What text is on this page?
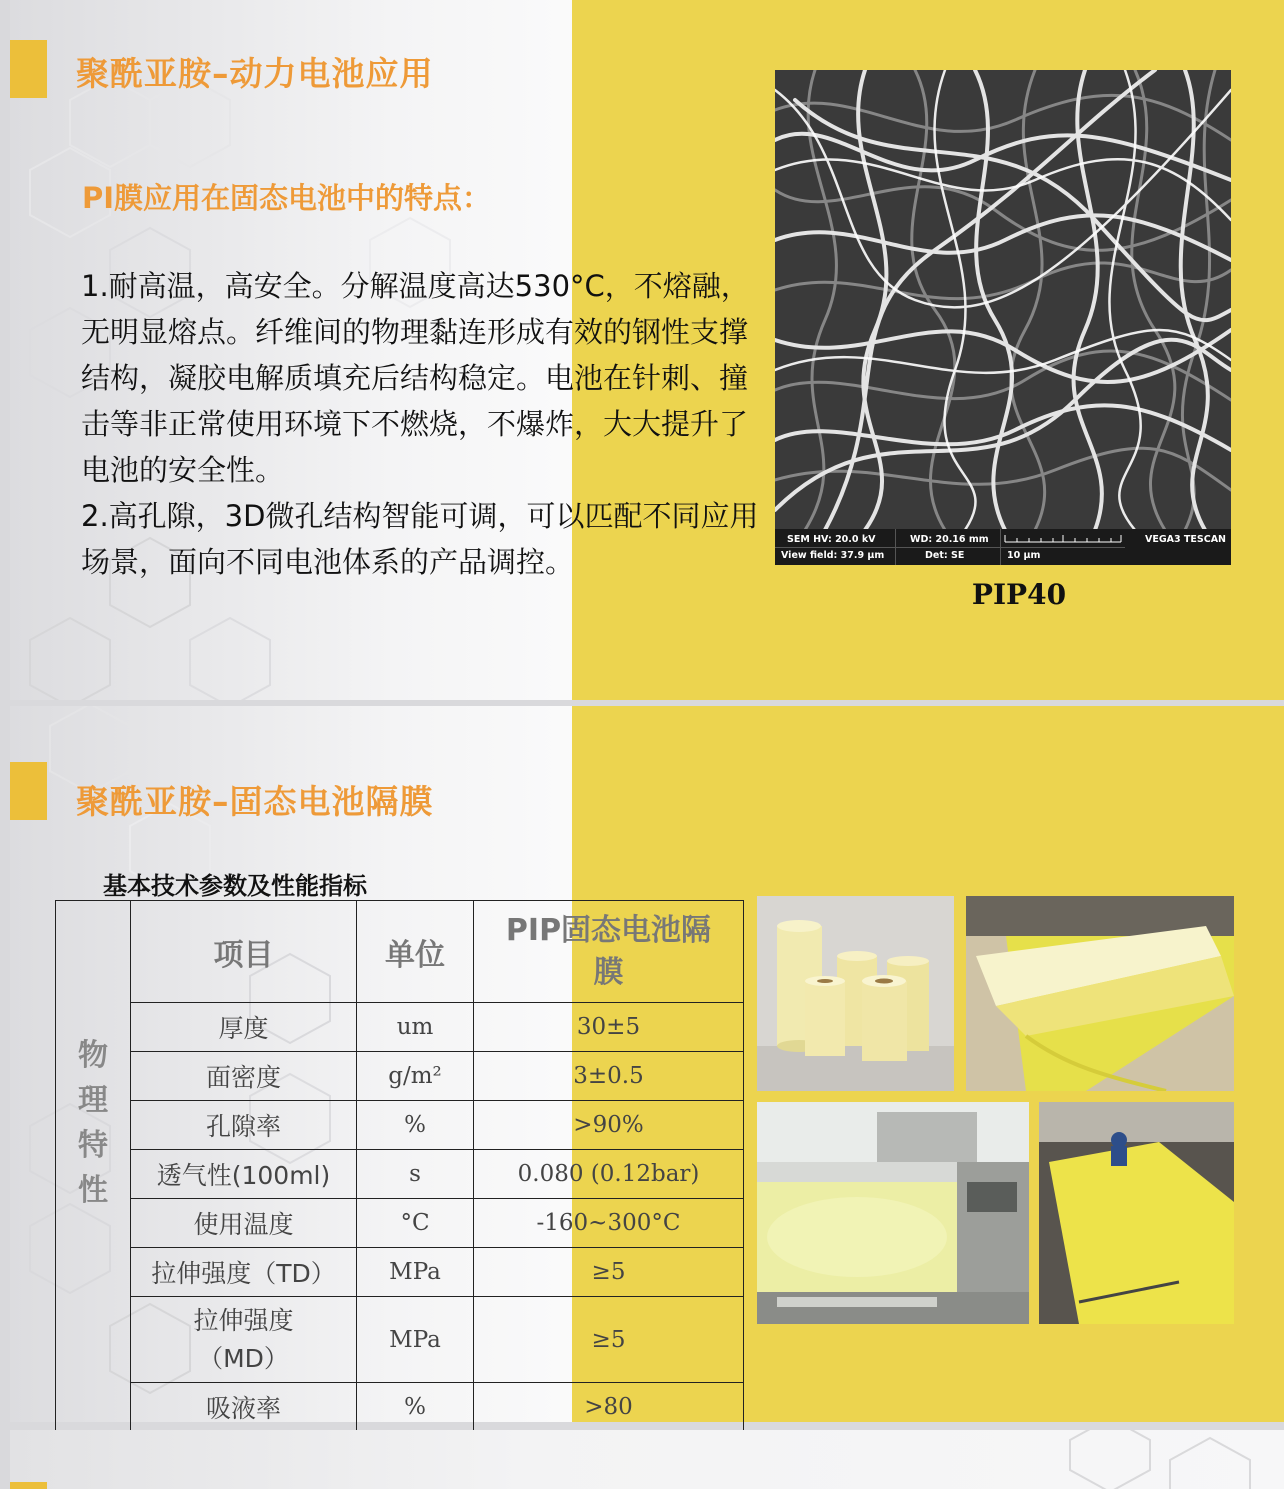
聚酰亚胺–动力电池应用
PI膜应用在固态电池中的特点：

1.耐高温，高安全。分解温度高达530°C，不熔融，无明显熔点。纤维间的物理黏连形成有效的钢性支撑结构，凝胶电解质填充后结构稳定。电池在针刺、撞击等非正常使用环境下不燃烧，不爆炸，大大提升了电池的安全性。

2.高孔隙，3D微孔结构智能可调，可以匹配不同应用场景，面向不同电池体系的产品调控。

SEM HV: 20.0 kV	WD: 20.16 mm	VEGA3 TESCAN
View field: 37.9 μm	Det: SE	10 μm
PIP40
聚酰亚胺–固态电池隔膜
基本技术参数及性能指标
	项目	单位	PIP固态电池隔膜

物理特性	厚度	um	30±5
	面密度	g/m²	3±0.5
	孔隙率	%	>90%
	透气性(100ml)	s	0.080 (0.12bar)
	使用温度	°C	-160~300°C
	拉伸强度（TD）	MPa	≥5
	拉伸强度（MD）	MPa	≥5
	吸液率	%	>80
